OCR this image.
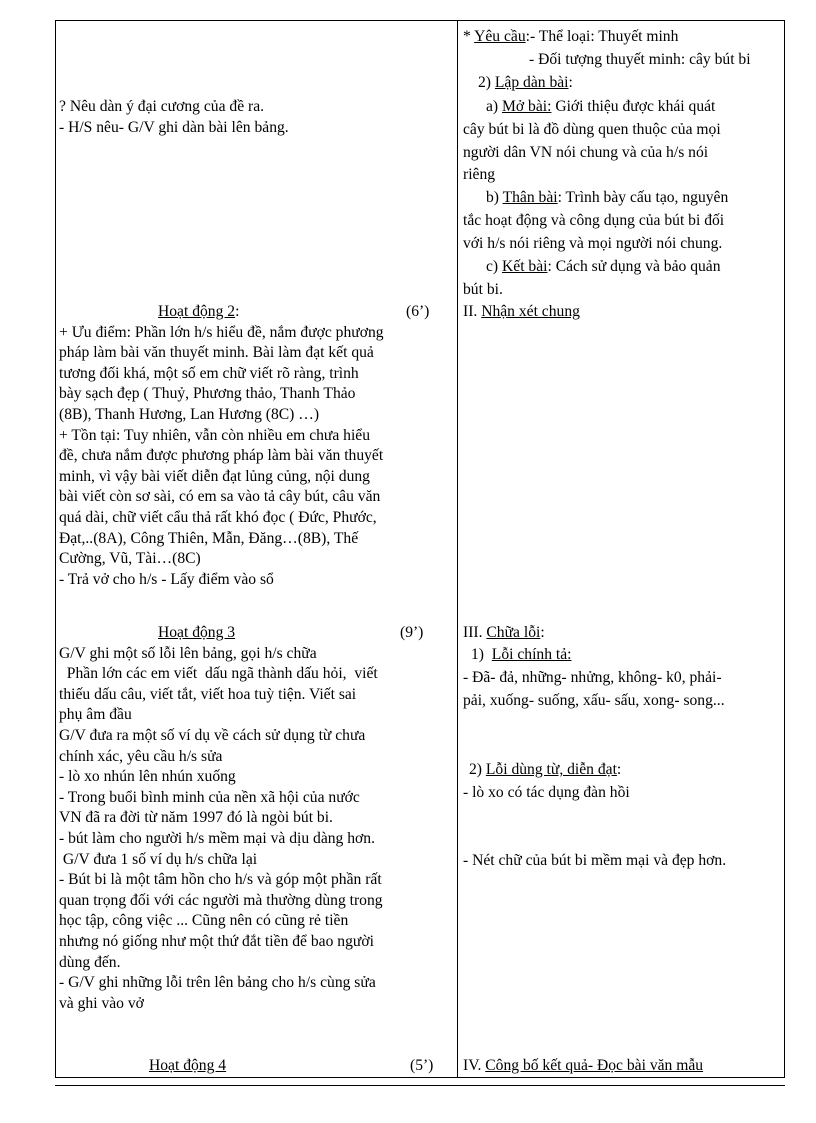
? Nêu dàn ý đại cương của đề ra.
- H/S nêu- G/V ghi dàn bài lên bảng.
Hoạt động 2:	(6’)
+ Ưu điểm: Phần lớn h/s hiểu đề, nắm được phương
pháp làm bài văn thuyết minh. Bài làm đạt kết quả
tương đối khá, một số em chữ viết rõ ràng, trình
bày sạch đẹp ( Thuỷ, Phương thảo, Thanh Thảo
(8B), Thanh Hương, Lan Hương (8C) …)
+ Tồn tại: Tuy nhiên, vẫn còn nhiều em chưa hiểu
đề, chưa nắm được phương pháp làm bài văn thuyết
minh, vì vậy bài viết diễn đạt lủng củng, nội dung
bài viết còn sơ sài, có em sa vào tả cây bút, câu văn
quá dài, chữ viết cẩu thả rất khó đọc ( Đức, Phước,
Đạt,..(8A), Công Thiên, Mẫn, Đăng…(8B), Thế
Cường, Vũ, Tài…(8C)
- Trả vở cho h/s - Lấy điểm vào sổ
Hoạt động 3	(9’)
G/V ghi một số lỗi lên bảng, gọi h/s chữa
Phần lớn các em viết  dấu ngã thành dấu hỏi,  viết
thiếu dấu câu, viết tắt, viết hoa tuỳ tiện. Viết sai
phụ âm đầu
G/V đưa ra một số ví dụ về cách sử dụng từ chưa
chính xác, yêu cầu h/s sửa
- lò xo nhún lên nhún xuống
- Trong buổi bình minh của nền xã hội của nước
VN đã ra đời từ năm 1997 đó là ngòi bút bi.
- bút làm cho người h/s mềm mại và dịu dàng hơn.
G/V đưa 1 số ví dụ h/s chữa lại
- Bút bi là một tâm hồn cho h/s và góp một phần rất
quan trọng đối với các người mà thường dùng trong
học tập, công việc ... Cũng nên có cũng rẻ tiền
nhưng nó giống như một thứ đắt tiền để bao người
dùng đến.
- G/V ghi những lỗi trên lên bảng cho h/s cùng sửa
và ghi vào vở
Hoạt động 4	(5’)
* Yêu cầu:- Thể loại: Thuyết minh
- Đối tượng thuyết minh: cây bút bi
2) Lập dàn bài:
a) Mở bài: Giới thiệu được khái quát
cây bút bi là đồ dùng quen thuộc của mọi
người dân VN nói chung và của h/s nói
riêng
b) Thân bài: Trình bày cấu tạo, nguyên
tắc hoạt động và công dụng của bút bi đối
với h/s nói riêng và mọi người nói chung.
c) Kết bài: Cách sử dụng và bảo quản
bút bi.
II. Nhận xét chung
III. Chữa lỗi:
1)  Lỗi chính tả:
- Đã- đả, những- nhửng, không- k0, phải-
pải, xuống- suống, xấu- sấu, xong- song...
2) Lỗi dùng từ, diễn đạt:
- lò xo có tác dụng đàn hồi
- Nét chữ của bút bi mềm mại và đẹp hơn.
IV. Công bố kết quả- Đọc bài văn mẫu
